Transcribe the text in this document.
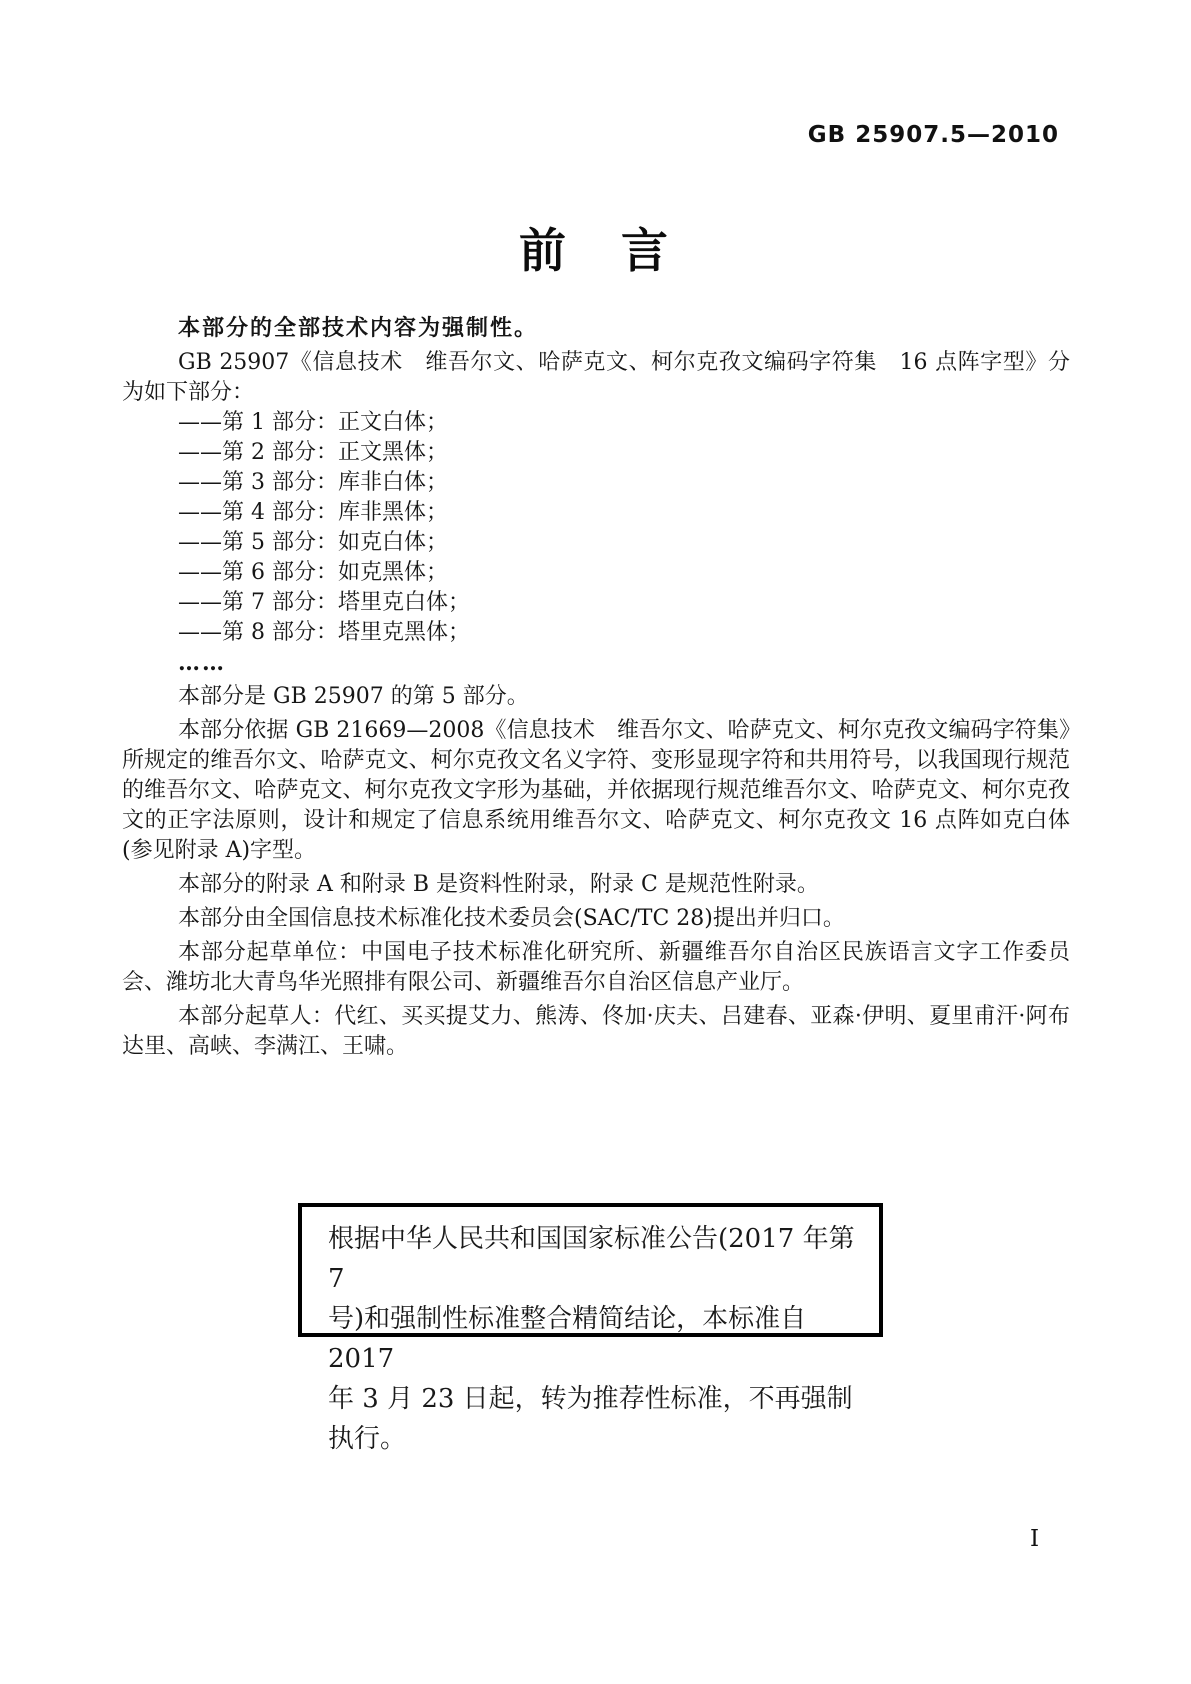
GB 25907.5—2010
前　言

本部分的全部技术内容为强制性。

GB 25907《信息技术　维吾尔文、哈萨克文、柯尔克孜文编码字符集　16 点阵字型》分为如下部分：

——第 1 部分：正文白体；
——第 2 部分：正文黑体；
——第 3 部分：库非白体；
——第 4 部分：库非黑体；
——第 5 部分：如克白体；
——第 6 部分：如克黑体；
——第 7 部分：塔里克白体；
——第 8 部分：塔里克黑体；

……

本部分是 GB 25907 的第 5 部分。
本部分依据 GB 21669—2008《信息技术　维吾尔文、哈萨克文、柯尔克孜文编码字符集》所规定的维吾尔文、哈萨克文、柯尔克孜文名义字符、变形显现字符和共用符号，以我国现行规范的维吾尔文、哈萨克文、柯尔克孜文字形为基础，并依据现行规范维吾尔文、哈萨克文、柯尔克孜文的正字法原则，设计和规定了信息系统用维吾尔文、哈萨克文、柯尔克孜文 16 点阵如克白体(参见附录 A)字型。
本部分的附录 A 和附录 B 是资料性附录，附录 C 是规范性附录。
本部分由全国信息技术标准化技术委员会(SAC/TC 28)提出并归口。
本部分起草单位：中国电子技术标准化研究所、新疆维吾尔自治区民族语言文字工作委员会、潍坊北大青鸟华光照排有限公司、新疆维吾尔自治区信息产业厅。
本部分起草人：代红、买买提艾力、熊涛、佟加·庆夫、吕建春、亚森·伊明、夏里甫汗·阿布达里、高峡、李满江、王啸。
根据中华人民共和国国家标准公告(2017 年第 7
号)和强制性标准整合精简结论，本标准自 2017
年 3 月 23 日起，转为推荐性标准，不再强制执行。
I
